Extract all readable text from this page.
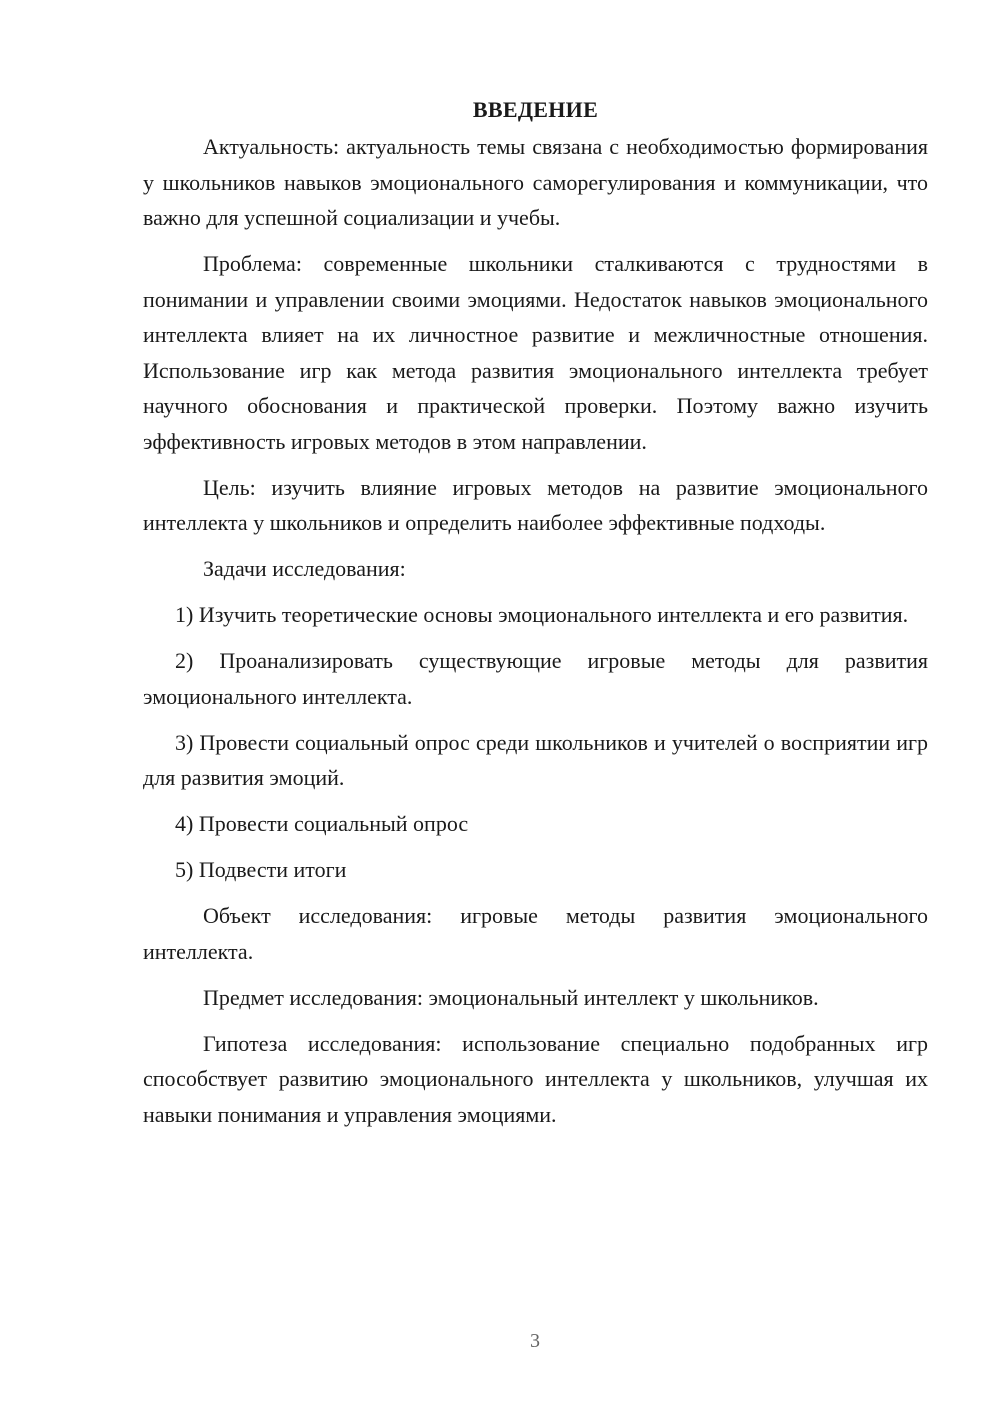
ВВЕДЕНИЕ

Актуальность: актуальность темы связана с необходимостью формирования у школьников навыков эмоционального саморегулирования и коммуникации, что важно для успешной социализации и учебы.

Проблема: современные школьники сталкиваются с трудностями в понимании и управлении своими эмоциями. Недостаток навыков эмоционального интеллекта влияет на их личностное развитие и межличностные отношения. Использование игр как метода развития эмоционального интеллекта требует научного обоснования и практической проверки. Поэтому важно изучить эффективность игровых методов в этом направлении.

Цель: изучить влияние игровых методов на развитие эмоционального интеллекта у школьников и определить наиболее эффективные подходы.

Задачи исследования:

1) Изучить теоретические основы эмоционального интеллекта и его развития.

2) Проанализировать существующие игровые методы для развития эмоционального интеллекта.

3) Провести социальный опрос среди школьников и учителей о восприятии игр для развития эмоций.

4) Провести социальный опрос

5) Подвести итоги

Объект исследования: игровые методы развития эмоционального интеллекта.

Предмет исследования: эмоциональный интеллект у школьников.

Гипотеза исследования: использование специально подобранных игр способствует развитию эмоционального интеллекта у школьников, улучшая их навыки понимания и управления эмоциями.

3
